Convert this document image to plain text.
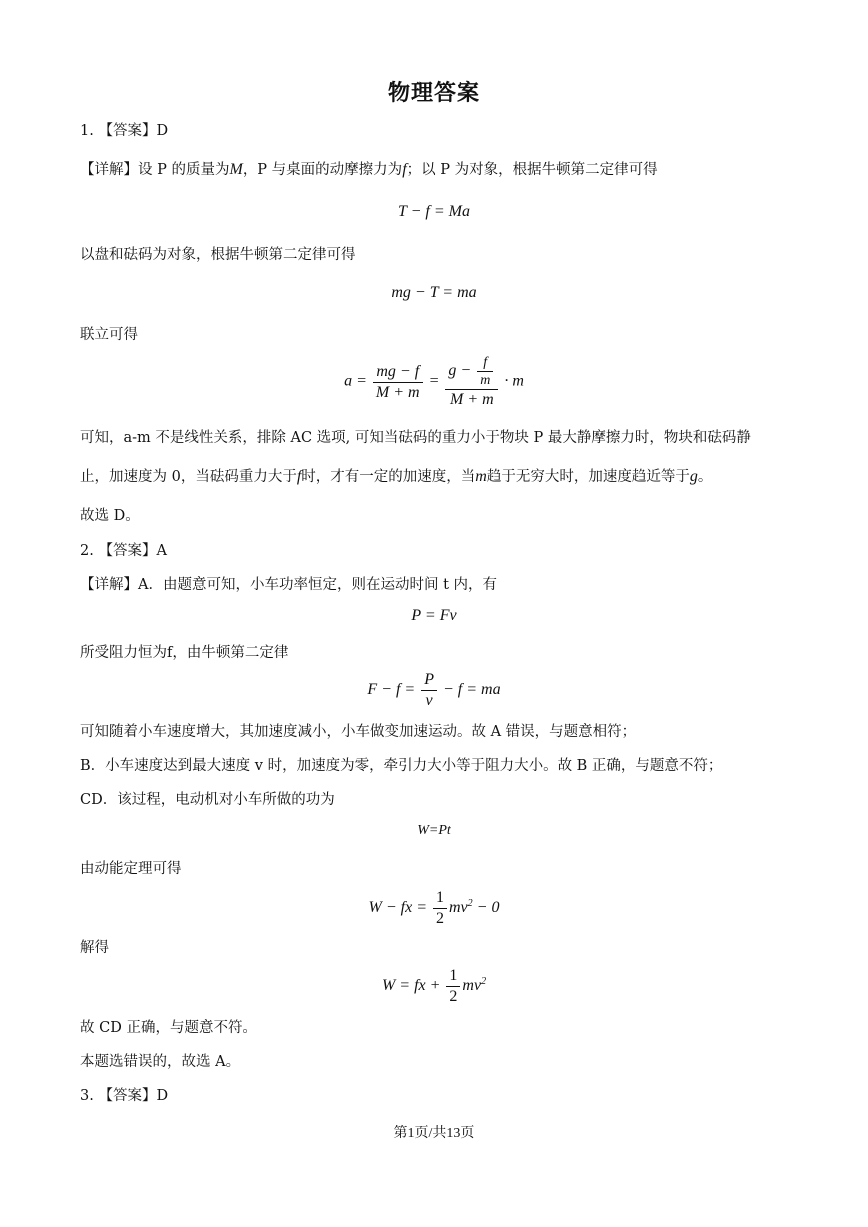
物理答案
1. 【答案】D
【详解】设 P 的质量为M，P 与桌面的动摩擦力为f；以 P 为对象，根据牛顿第二定律可得
T − f = Ma
以盘和砝码为对象，根据牛顿第二定律可得
mg − T = ma
联立可得
$a = \frac{mg - f}{M + m} = \frac{g - \frac{f}{m}}{M + m} \cdot m$
可知，a-m 不是线性关系，排除 AC 选项, 可知当砝码的重力小于物块 P 最大静摩擦力时，物块和砝码静
止，加速度为 0，当砝码重力大于f时，才有一定的加速度，当m趋于无穷大时，加速度趋近等于g。
故选 D。
2. 【答案】A
【详解】A．由题意可知，小车功率恒定，则在运动时间 t 内，有
P = Fv
所受阻力恒为f，由牛顿第二定律
$F - f = \frac{P}{v} - f$ = ma
可知随着小车速度增大，其加速度减小，小车做变加速运动。故 A 错误，与题意相符；
B．小车速度达到最大速度 v 时，加速度为零，牵引力大小等于阻力大小。故 B 正确，与题意不符；
CD．该过程，电动机对小车所做的功为
W=Pt
由动能定理可得
W − fx = $\frac{1}{2} mv^2 - 0$
解得
W = fx + $\frac{1}{2} mv^2$
故 CD 正确，与题意不符。
本题选错误的，故选 A。
3. 【答案】D
第1页/共13页
